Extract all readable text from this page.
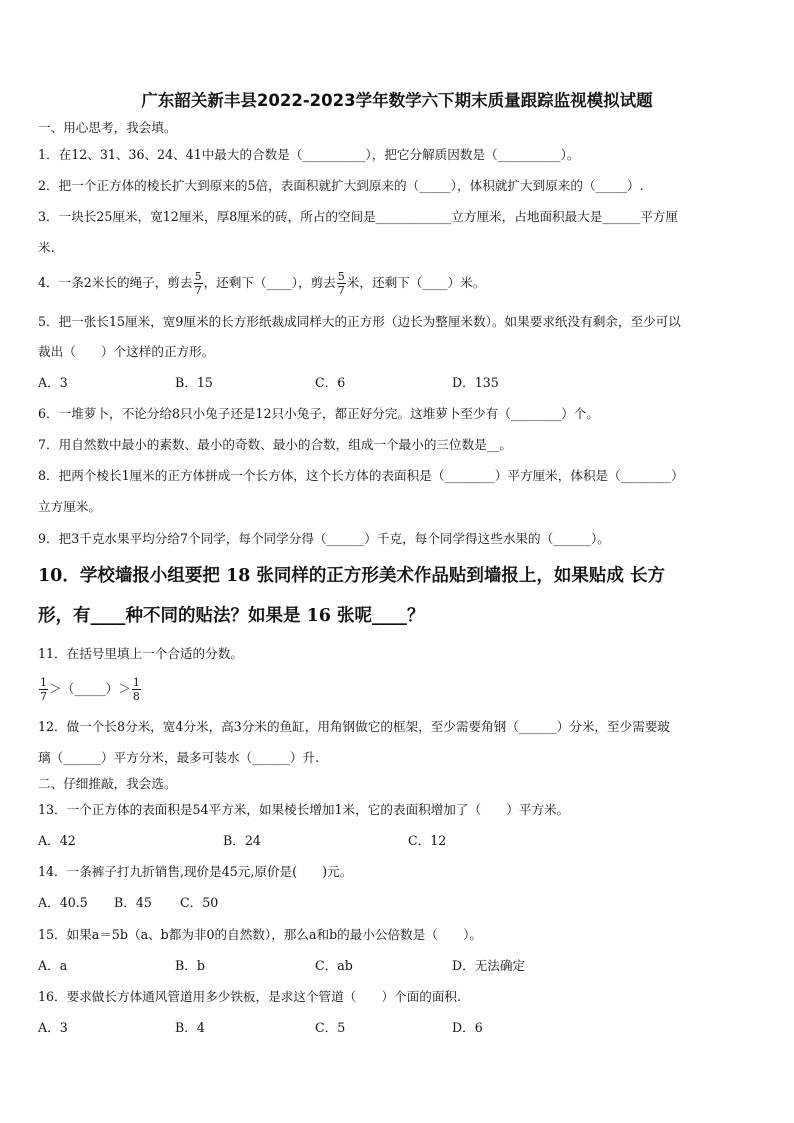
广东韶关新丰县2022-2023学年数学六下期末质量跟踪监视模拟试题
一、用心思考，我会填。
1．在12、31、36、24、41中最大的合数是（__________），把它分解质因数是（__________）。
2．把一个正方体的棱长扩大到原来的5倍，表面积就扩大到原来的（_____），体积就扩大到原来的（_____）.
3．一块长25厘米，宽12厘米，厚8厘米的砖，所占的空间是____________立方厘米，占地面积最大是______平方厘
米.
4．一条2米长的绳子，剪去 $\frac{5}{7}$ ，还剩下（____），剪去 $\frac{5}{7}$ 米，还剩下（____）米。
5．把一张长15厘米，宽9厘米的长方形纸裁成同样大的正方形（边长为整厘米数）。如果要求纸没有剩余，至少可以
裁出（　　）个这样的正方形。
A．3	B．15	C．6	D．135
6．一堆萝卜，不论分给8只小兔子还是12只小兔子，都正好分完。这堆萝卜至少有（________）个。
7．用自然数中最小的素数、最小的奇数、最小的合数，组成一个最小的三位数是__。
8．把两个棱长1厘米的正方体拼成一个长方体，这个长方体的表面积是（________）平方厘米，体积是（________）
立方厘米。
9．把3千克水果平均分给7个同学，每个同学分得（______）千克，每个同学得这些水果的（______）。
10．学校墙报小组要把 18 张同样的正方形美术作品贴到墙报上，如果贴成 长方
形，有____种不同的贴法？如果是 16 张呢____？
11．在括号里填上一个合适的分数。
$\frac{1}{7}$ ＞（_____）＞ $\frac{1}{8}$
12．做一个长8分米，宽4分米，高3分米的鱼缸，用角钢做它的框架，至少需要角钢（______）分米，至少需要玻
璃（______）平方分米，最多可装水（______）升.
二、仔细推敲，我会选。
13．一个正方体的表面积是54平方米，如果棱长增加1米，它的表面积增加了（　　）平方米。
A．42	B．24	C．12
14．一条裤子打九折销售,现价是45元,原价是(　　)元。
A．40.5 B．45 C．50
15．如果a＝5b（a、b都为非0的自然数），那么a和b的最小公倍数是（　　）。
A．a	B．b	C．ab	D．无法确定
16．要求做长方体通风管道用多少铁板，是求这个管道（　　）个面的面积.
A．3	B．4	C．5	D．6
